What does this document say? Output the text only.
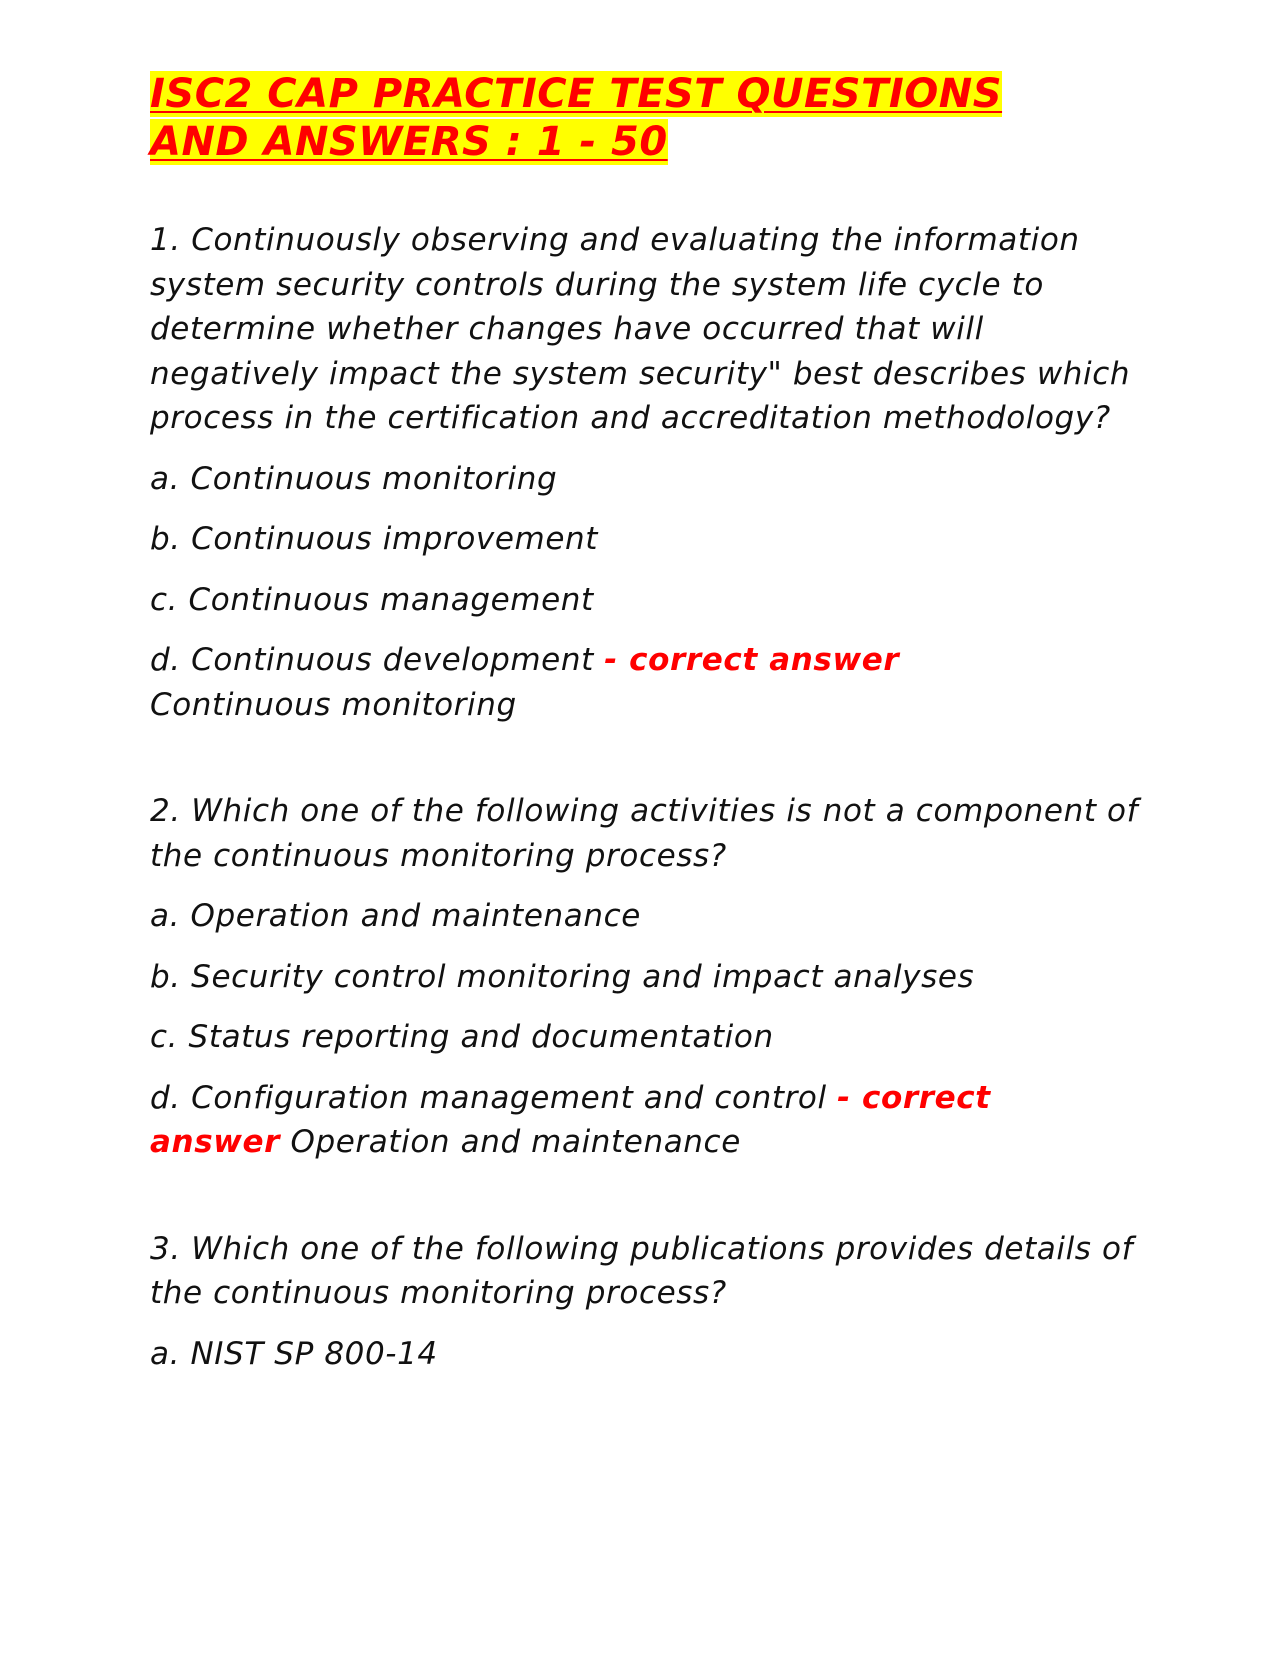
ISC2 CAP PRACTICE TEST QUESTIONS
AND ANSWERS : 1 - 50

1. Continuously observing and evaluating the information system security controls during the system life cycle to determine whether changes have occurred that will negatively impact the system security" best describes which process in the certification and accreditation methodology?

a. Continuous monitoring

b. Continuous improvement

c. Continuous management

d. Continuous development - correct answer
Continuous monitoring

2. Which one of the following activities is not a component of the continuous monitoring process?

a. Operation and maintenance

b. Security control monitoring and impact analyses

c. Status reporting and documentation

d. Configuration management and control - correct
answer Operation and maintenance

3. Which one of the following publications provides details of the continuous monitoring process?

a. NIST SP 800-14
